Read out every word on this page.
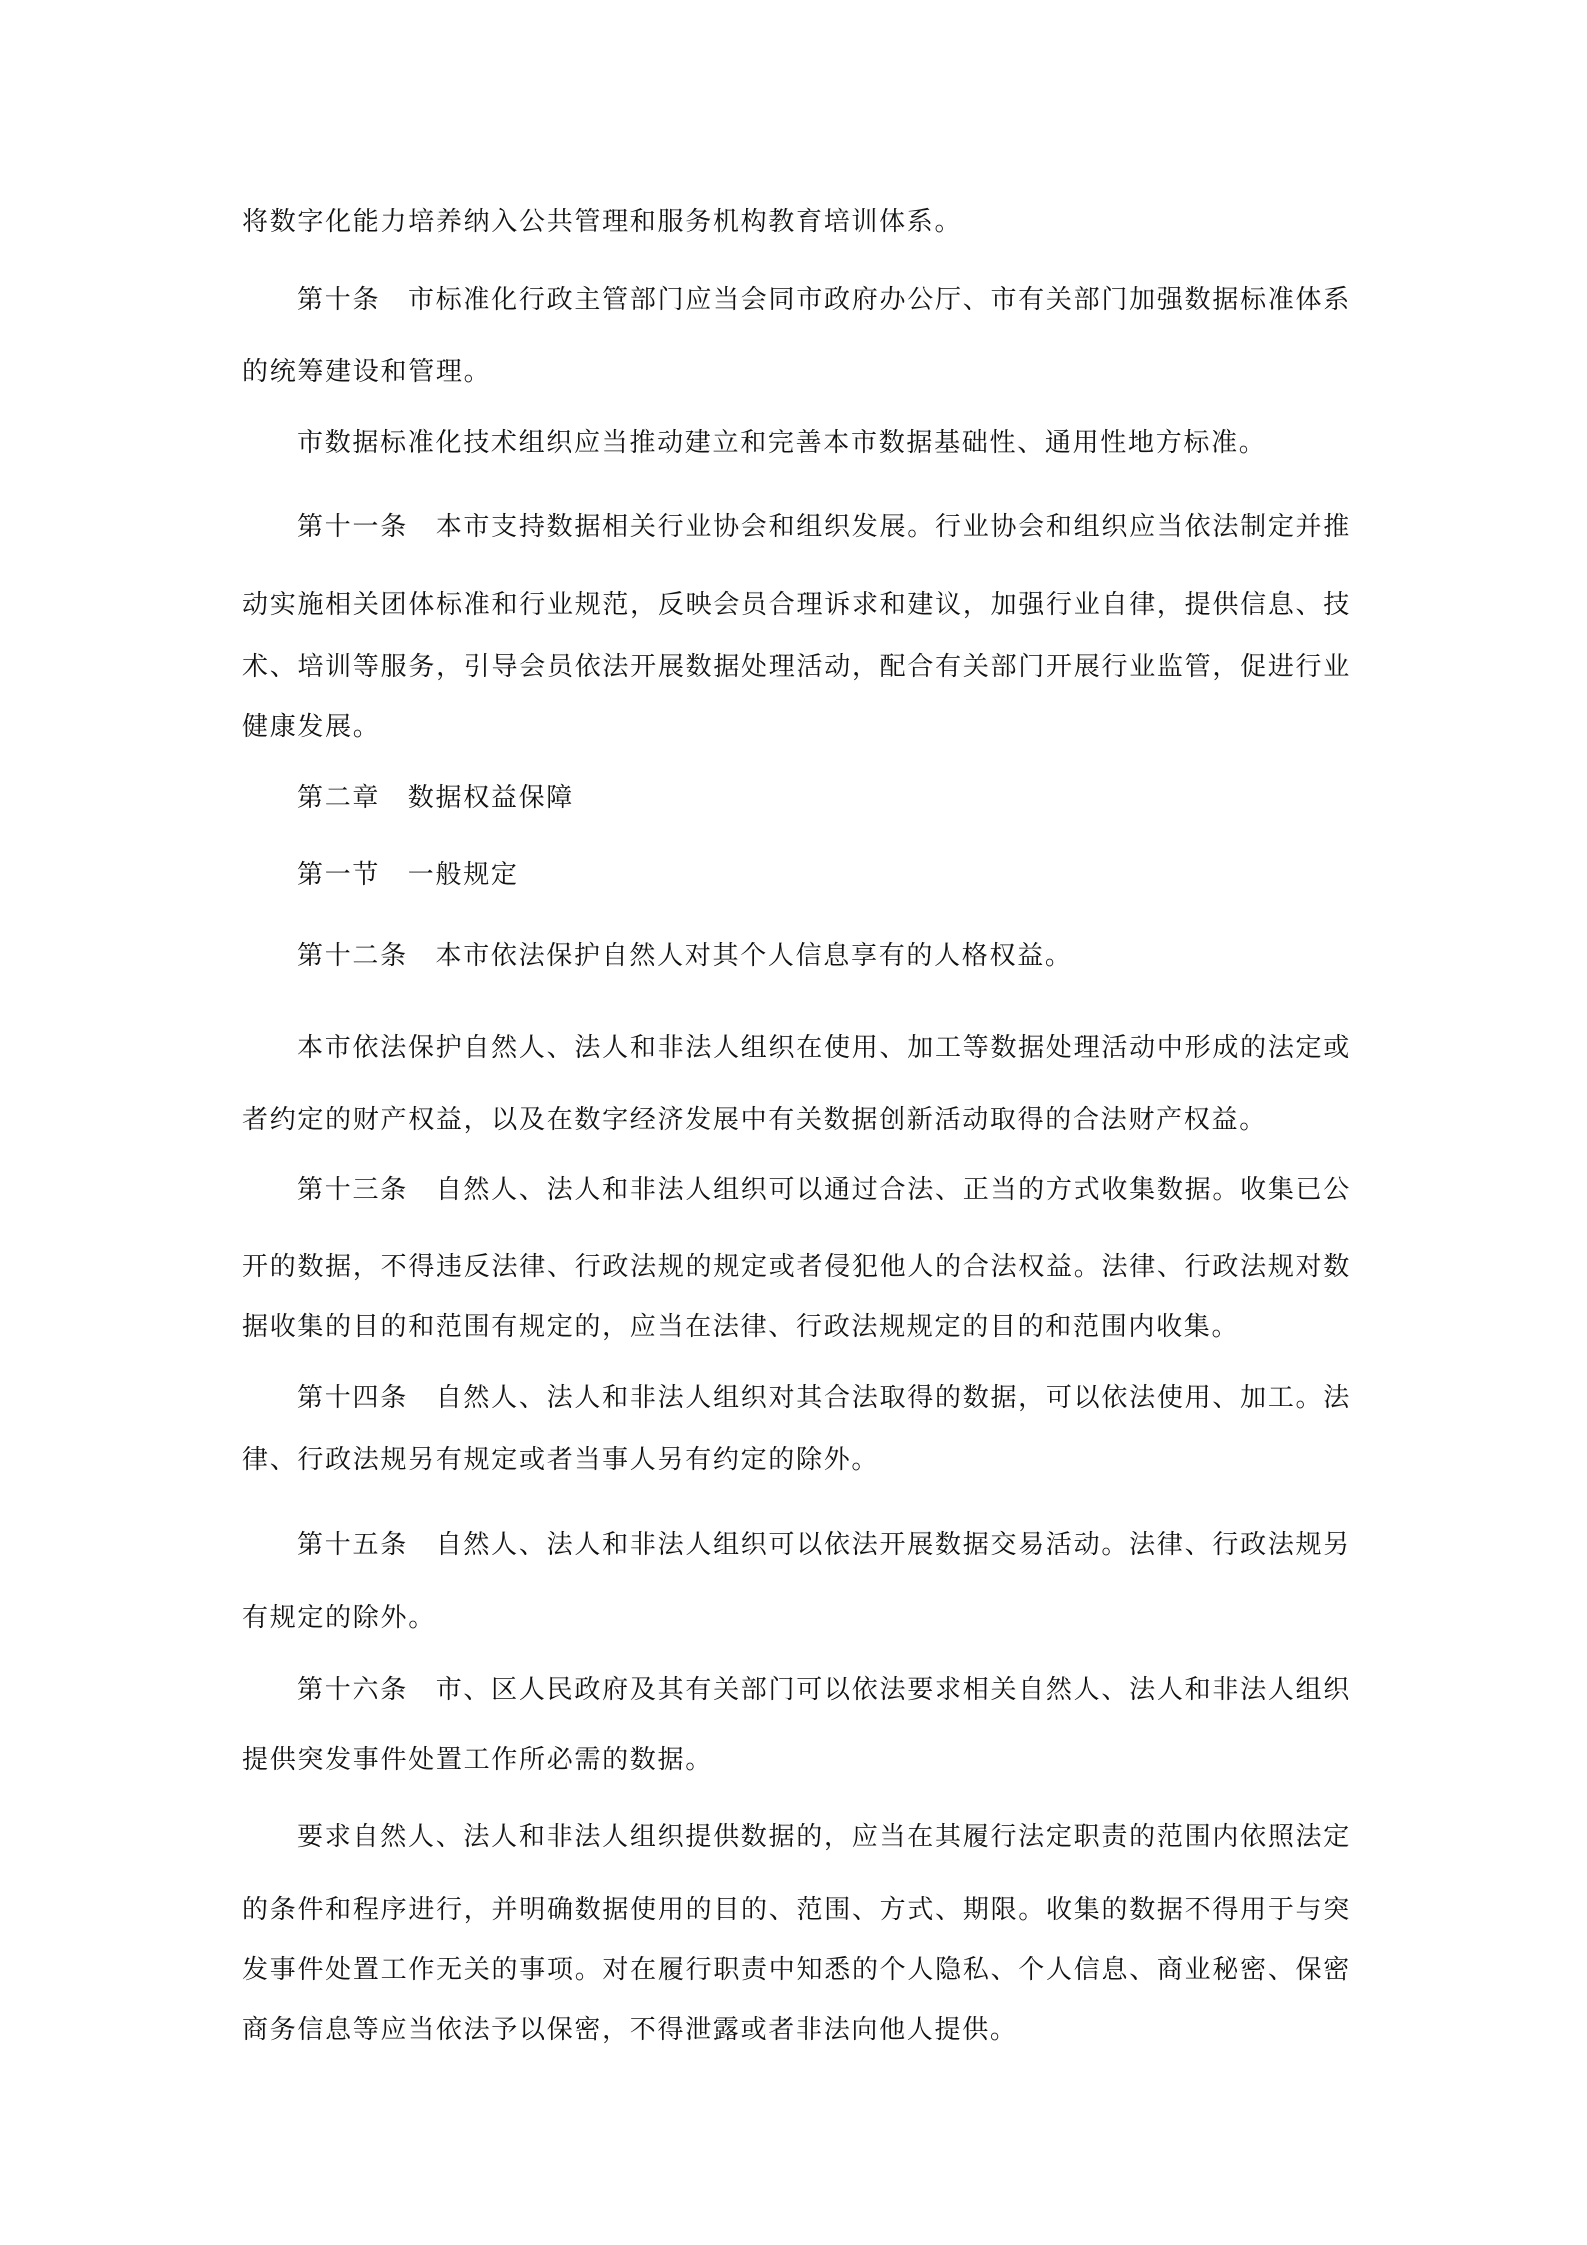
将数字化能力培养纳入公共管理和服务机构教育培训体系。
第十条　市标准化行政主管部门应当会同市政府办公厅、市有关部门加强数据标准体系
的统筹建设和管理。
市数据标准化技术组织应当推动建立和完善本市数据基础性、通用性地方标准。
第十一条　本市支持数据相关行业协会和组织发展。行业协会和组织应当依法制定并推
动实施相关团体标准和行业规范，反映会员合理诉求和建议，加强行业自律，提供信息、技
术、培训等服务，引导会员依法开展数据处理活动，配合有关部门开展行业监管，促进行业
健康发展。
第二章　数据权益保障
第一节　一般规定
第十二条　本市依法保护自然人对其个人信息享有的人格权益。
本市依法保护自然人、法人和非法人组织在使用、加工等数据处理活动中形成的法定或
者约定的财产权益，以及在数字经济发展中有关数据创新活动取得的合法财产权益。
第十三条　自然人、法人和非法人组织可以通过合法、正当的方式收集数据。收集已公
开的数据，不得违反法律、行政法规的规定或者侵犯他人的合法权益。法律、行政法规对数
据收集的目的和范围有规定的，应当在法律、行政法规规定的目的和范围内收集。
第十四条　自然人、法人和非法人组织对其合法取得的数据，可以依法使用、加工。法
律、行政法规另有规定或者当事人另有约定的除外。
第十五条　自然人、法人和非法人组织可以依法开展数据交易活动。法律、行政法规另
有规定的除外。
第十六条　市、区人民政府及其有关部门可以依法要求相关自然人、法人和非法人组织
提供突发事件处置工作所必需的数据。
要求自然人、法人和非法人组织提供数据的，应当在其履行法定职责的范围内依照法定
的条件和程序进行，并明确数据使用的目的、范围、方式、期限。收集的数据不得用于与突
发事件处置工作无关的事项。对在履行职责中知悉的个人隐私、个人信息、商业秘密、保密
商务信息等应当依法予以保密，不得泄露或者非法向他人提供。
